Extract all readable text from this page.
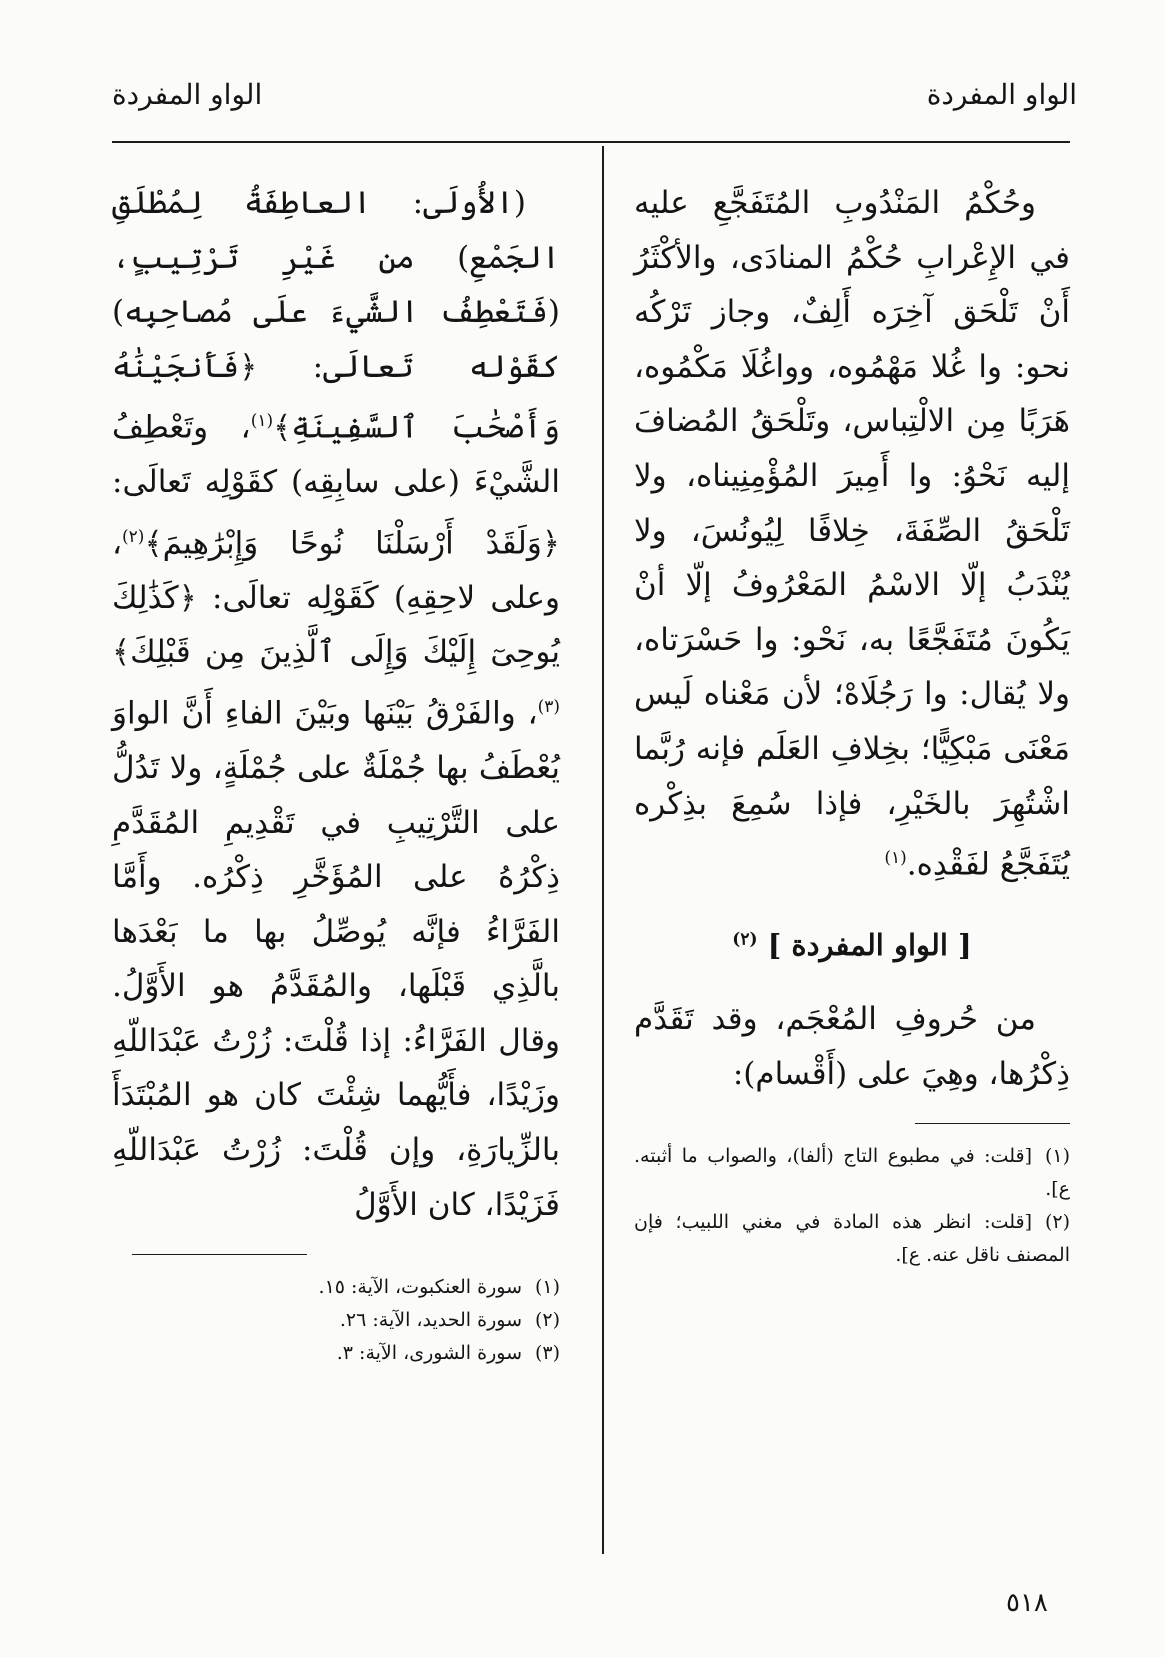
الواو المفردة
الواو المفردة

وحُكْمُ المَنْدُوبِ المُتَفَجَّعِ عليه في الإِعْرابِ حُكْمُ المنادَى، والأكْثَرُ أَنْ تَلْحَق آخِرَه أَلِفٌ، وجاز تَرْكُه نحو: وا غُلا مَهْمُوه، وواغُلَا مَكْمُوه، هَرَبًا مِن الالْتِباس، وتَلْحَقُ المُضافَ إليه نَحْوُ: وا أَمِيرَ المُؤْمِنِيناه، ولا تَلْحَقُ الصِّفَةَ، خِلافًا لِيُونُسَ، ولا يُنْدَبُ إلّا الاسْمُ المَعْرُوفُ إلّا أنْ يَكُونَ مُتَفَجَّعًا به، نَحْو: وا حَسْرَتاه، ولا يُقال: وا رَجُلَاهْ؛ لأن مَعْناه لَيس مَعْنَى مَبْكِيًّا؛ بخِلافِ العَلَم فإنه رُبَّما اشْتُهِرَ بالخَيْرِ، فإذا سُمِعَ بذِكْره يُتَفَجَّعُ لفَقْدِه.$^{(١)}$

[ الواو المفردة ] $^{(٢)}$

من حُروفِ المُعْجَم، وقد تَقَدَّم ذِكْرُها، وهِيَ على (أَقْسام):

(١)[قلت: في مطبوع التاج (ألفا)، والصواب ما أثبته. ع].

(٢)[قلت: انظر هذه المادة في مغني اللبيب؛ فإن المصنف ناقل عنه. ع].

(الأُولَى: العاطِفَةُ لِمُطْلَقِ الجَمْعِ) من غَيْرِ تَرْتِيبٍ، (فَتَعْطِفُ الشَّيءَ علَى مُصاحِبِه) كقَوْله تَعالَى: ﴿فَأَنجَيْنَٰهُ وَأَصْحَٰبَ ٱلسَّفِينَةِ﴾$^{(١)}$، وتَعْطِفُ الشَّيْءَ (على سابِقِه) كقَوْلِه تَعالَى: ﴿وَلَقَدْ أَرْسَلْنَا نُوحًا وَإِبْرَٰهِيمَ﴾$^{(٢)}$، وعلى لاحِقِهِ) كَقَوْلِه تعالَى: ﴿كَذَٰلِكَ يُوحِىٓ إِلَيْكَ وَإِلَى ٱلَّذِينَ مِن قَبْلِكَ﴾$^{(٣)}$، والفَرْقُ بَيْنَها وبَيْنَ الفاءِ أَنَّ الواوَ يُعْطَفُ بها جُمْلَةٌ على جُمْلَةٍ، ولا تَدُلُّ على التَّرْتِيبِ في تَقْدِيمِ المُقَدَّمِ ذِكْرُهُ على المُؤَخَّرِ ذِكْرُه. وأَمَّا الفَرَّاءُ فإنَّه يُوصِّلُ بها ما بَعْدَها بالَّذِي قَبْلَها، والمُقَدَّمُ هو الأَوَّلُ. وقال الفَرَّاءُ: إذا قُلْتَ: زُرْتُ عَبْدَاللّهِ وزَيْدًا، فأَيُّهما شِئْتَ كان هو المُبْتَدَأَ بالزِّيارَةِ، وإن قُلْتَ: زُرْتُ عَبْدَاللّهِ فَزَيْدًا، كان الأَوَّلُ

(١)سورة العنكبوت، الآية: ١٥.

(٢)سورة الحديد، الآية: ٢٦.

(٣)سورة الشورى، الآية: ٣.

٥١٨
